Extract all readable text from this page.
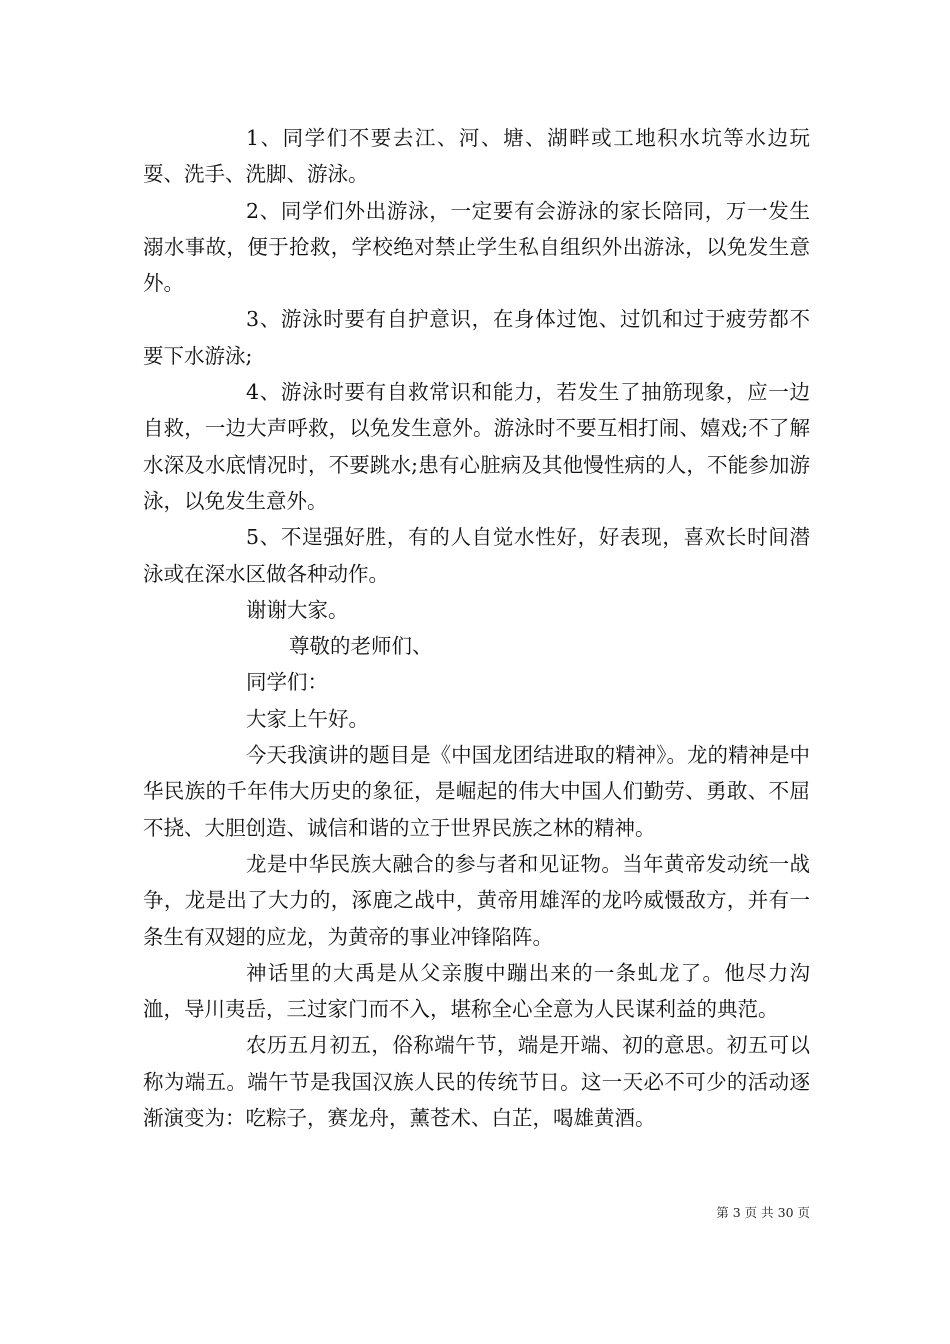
1、同学们不要去江、河、塘、湖畔或工地积水坑等水边玩耍、洗手、洗脚、游泳。

2、同学们外出游泳，一定要有会游泳的家长陪同，万一发生溺水事故，便于抢救，学校绝对禁止学生私自组织外出游泳，以免发生意外。

3、游泳时要有自护意识，在身体过饱、过饥和过于疲劳都不要下水游泳;

4、游泳时要有自救常识和能力，若发生了抽筋现象，应一边自救，一边大声呼救，以免发生意外。游泳时不要互相打闹、嬉戏;不了解水深及水底情况时，不要跳水;患有心脏病及其他慢性病的人，不能参加游泳，以免发生意外。

5、不逞强好胜，有的人自觉水性好，好表现，喜欢长时间潜泳或在深水区做各种动作。

谢谢大家。

尊敬的老师们、

同学们：

大家上午好。

今天我演讲的题目是《中国龙团结进取的精神》。龙的精神是中华民族的千年伟大历史的象征，是崛起的伟大中国人们勤劳、勇敢、不屈不挠、大胆创造、诚信和谐的立于世界民族之林的精神。

龙是中华民族大融合的参与者和见证物。当年黄帝发动统一战争，龙是出了大力的，涿鹿之战中，黄帝用雄浑的龙吟威慑敌方，并有一条生有双翅的应龙，为黄帝的事业冲锋陷阵。

神话里的大禹是从父亲腹中蹦出来的一条虬龙了。他尽力沟洫，导川夷岳，三过家门而不入，堪称全心全意为人民谋利益的典范。

农历五月初五，俗称端午节，端是开端、初的意思。初五可以称为端五。端午节是我国汉族人民的传统节日。这一天必不可少的活动逐渐演变为：吃粽子，赛龙舟，薰苍术、白芷，喝雄黄酒。

第 3 页 共 30 页
